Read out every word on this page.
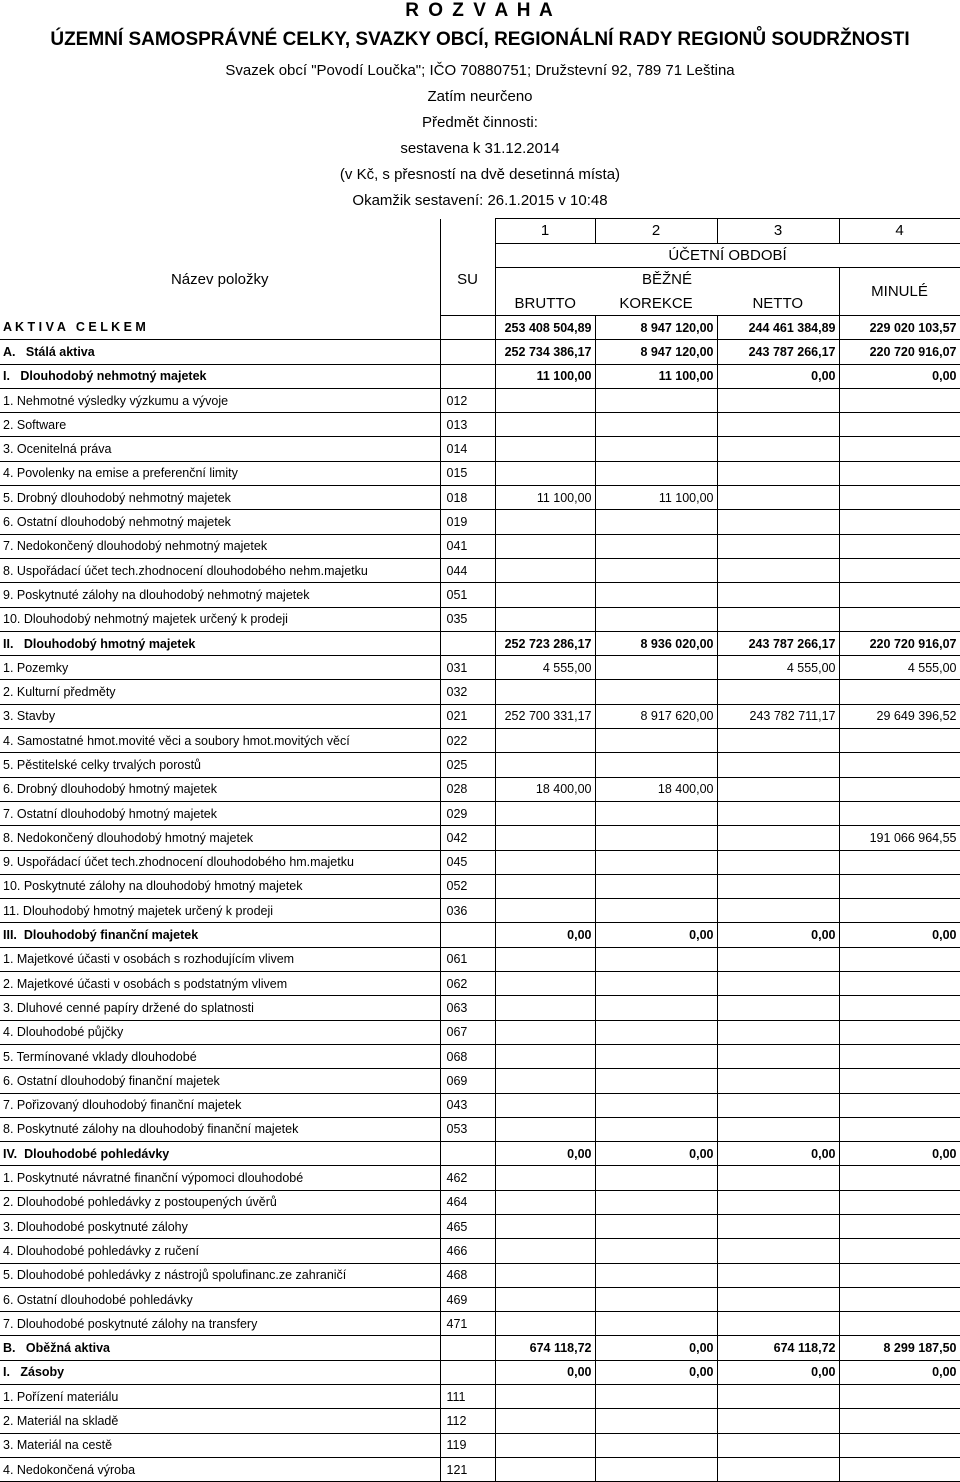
R O Z V A H A
ÚZEMNÍ SAMOSPRÁVNÉ CELKY, SVAZKY OBCÍ, REGIONÁLNÍ RADY REGIONŮ SOUDRŽNOSTI
Svazek obcí "Povodí Loučka"; IČO 70880751; Družstevní 92, 789 71 Leština
Zatím neurčeno
Předmět činnosti:
sestavena k 31.12.2014
(v Kč, s přesností na dvě desetinná místa)
Okamžik sestavení: 26.1.2015 v 10:48
		1	2	3	4
Název položky	SU	ÚČETNÍ OBDOBÍ			
		BĚŽNÉ			MINULÉ
		BRUTTO	KOREKCE	NETTO	
A K T I V A   C E L K E M		253 408 504,89	8 947 120,00	244 461 384,89	229 020 103,57
A.   Stálá aktiva		252 734 386,17	8 947 120,00	243 787 266,17	220 720 916,07
I.   Dlouhodobý nehmotný majetek		11 100,00	11 100,00	0,00	0,00
1. Nehmotné výsledky výzkumu a vývoje	012				
2. Software	013				
3. Ocenitelná práva	014				
4. Povolenky na emise a preferenční limity	015				
5. Drobný dlouhodobý nehmotný majetek	018	11 100,00	11 100,00		
6. Ostatní dlouhodobý nehmotný majetek	019				
7. Nedokončený dlouhodobý nehmotný majetek	041				
8. Uspořádací účet tech.zhodnocení dlouhodobého nehm.majetku	044				
9. Poskytnuté zálohy na dlouhodobý nehmotný majetek	051				
10. Dlouhodobý nehmotný majetek určený k prodeji	035				
II.   Dlouhodobý hmotný majetek		252 723 286,17	8 936 020,00	243 787 266,17	220 720 916,07
1. Pozemky	031	4 555,00		4 555,00	4 555,00
2. Kulturní předměty	032				
3. Stavby	021	252 700 331,17	8 917 620,00	243 782 711,17	29 649 396,52
4. Samostatné hmot.movité věci a soubory hmot.movitých věcí	022				
5. Pěstitelské celky trvalých porostů	025				
6. Drobný dlouhodobý hmotný majetek	028	18 400,00	18 400,00		
7. Ostatní dlouhodobý hmotný majetek	029				
8. Nedokončený dlouhodobý hmotný majetek	042				191 066 964,55
9. Uspořádací účet tech.zhodnocení dlouhodobého hm.majetku	045				
10. Poskytnuté zálohy na dlouhodobý hmotný majetek	052				
11. Dlouhodobý hmotný majetek určený k prodeji	036				
III.  Dlouhodobý finanční majetek		0,00	0,00	0,00	0,00
1. Majetkové účasti v osobách s rozhodujícím vlivem	061				
2. Majetkové účasti v osobách s podstatným vlivem	062				
3. Dluhové cenné papíry držené do splatnosti	063				
4. Dlouhodobé půjčky	067				
5. Termínované vklady dlouhodobé	068				
6. Ostatní dlouhodobý finanční majetek	069				
7. Pořizovaný dlouhodobý finanční majetek	043				
8. Poskytnuté zálohy na dlouhodobý finanční majetek	053				
IV.  Dlouhodobé pohledávky		0,00	0,00	0,00	0,00
1. Poskytnuté návratné finanční výpomoci dlouhodobé	462				
2. Dlouhodobé pohledávky z postoupených úvěrů	464				
3. Dlouhodobé poskytnuté zálohy	465				
4. Dlouhodobé pohledávky z ručení	466				
5. Dlouhodobé pohledávky z nástrojů spolufinanc.ze zahraničí	468				
6. Ostatní dlouhodobé pohledávky	469				
7. Dlouhodobé poskytnuté zálohy na transfery	471				
B.   Oběžná aktiva		674 118,72	0,00	674 118,72	8 299 187,50
I.   Zásoby		0,00	0,00	0,00	0,00
1. Pořízení materiálu	111				
2. Materiál na skladě	112				
3. Materiál na cestě	119				
4. Nedokončená výroba	121				
